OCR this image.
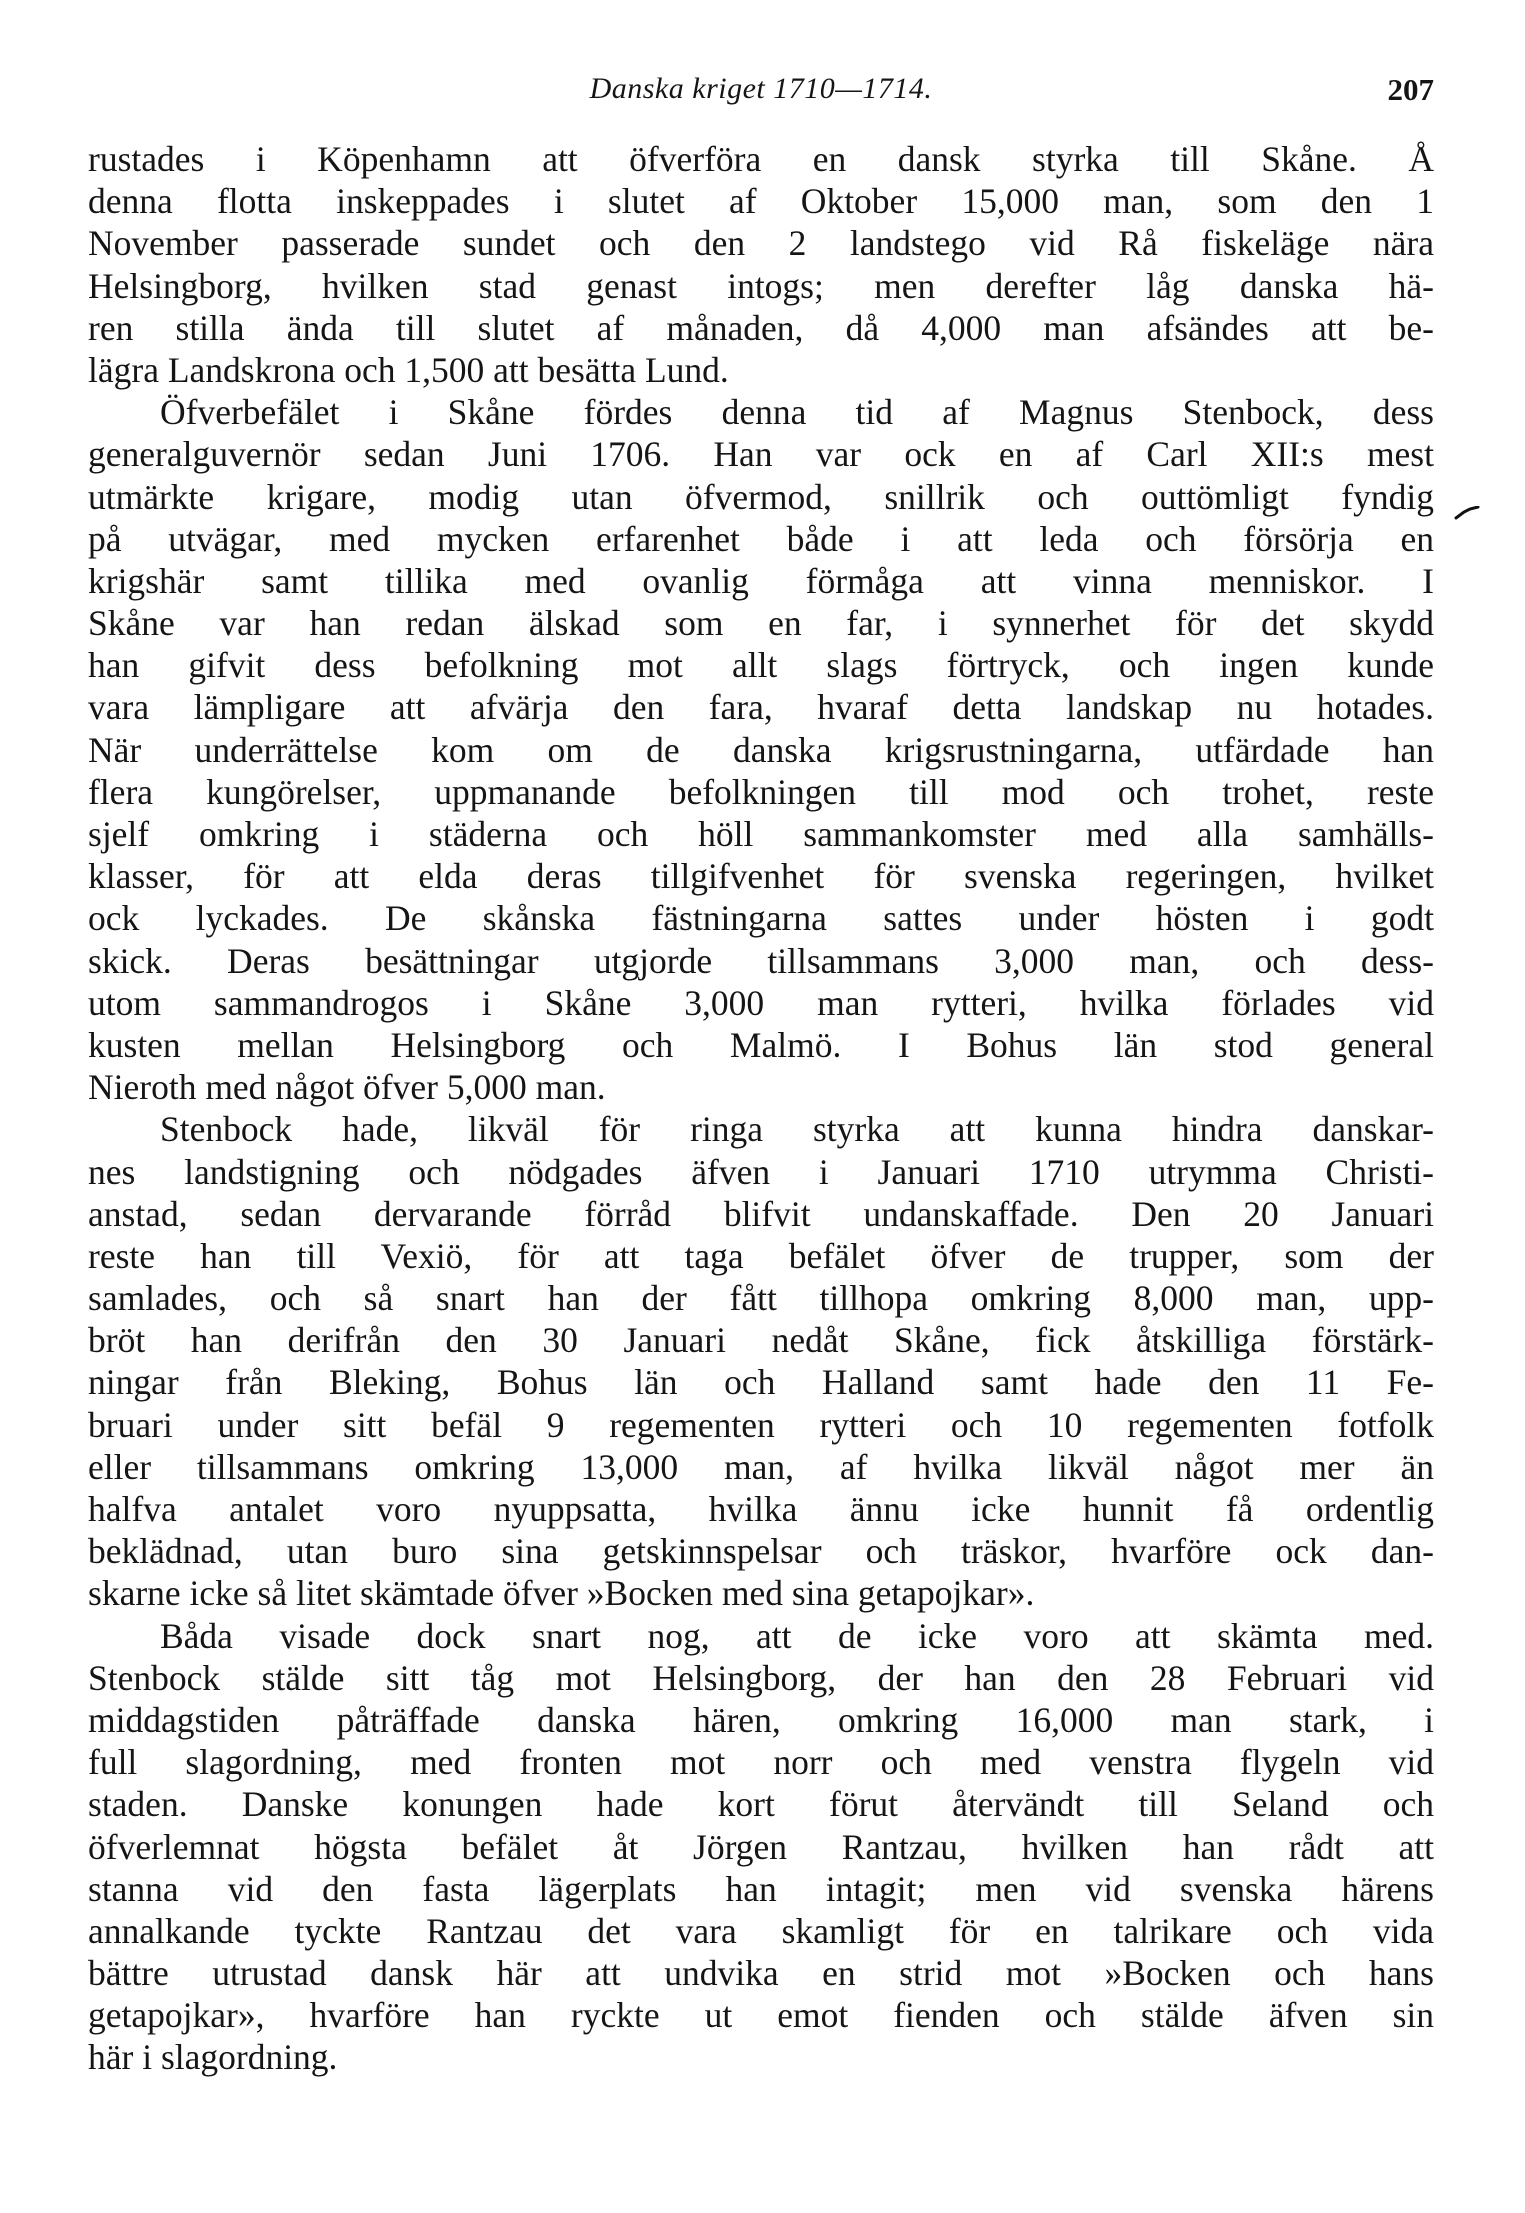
Danska kriget 1710—1714.	207
rustades i Köpenhamn att öfverföra en dansk styrka till Skåne. Å
denna flotta inskeppades i slutet af Oktober 15,000 man, som den 1
November passerade sundet och den 2 landstego vid Rå fiskeläge nära
Helsingborg, hvilken stad genast intogs; men derefter låg danska hä-
ren stilla ända till slutet af månaden, då 4,000 man afsändes att be-
lägra Landskrona och 1,500 att besätta Lund.
Öfverbefälet i Skåne fördes denna tid af Magnus Stenbock, dess
generalguvernör sedan Juni 1706. Han var ock en af Carl XII:s mest
utmärkte krigare, modig utan öfvermod, snillrik och outtömligt fyndig
på utvägar, med mycken erfarenhet både i att leda och försörja en
krigshär samt tillika med ovanlig förmåga att vinna menniskor. I
Skåne var han redan älskad som en far, i synnerhet för det skydd
han gifvit dess befolkning mot allt slags förtryck, och ingen kunde
vara lämpligare att afvärja den fara, hvaraf detta landskap nu hotades.
När underrättelse kom om de danska krigsrustningarna, utfärdade han
flera kungörelser, uppmanande befolkningen till mod och trohet, reste
sjelf omkring i städerna och höll sammankomster med alla samhälls-
klasser, för att elda deras tillgifvenhet för svenska regeringen, hvilket
ock lyckades. De skånska fästningarna sattes under hösten i godt
skick. Deras besättningar utgjorde tillsammans 3,000 man, och dess-
utom sammandrogos i Skåne 3,000 man rytteri, hvilka förlades vid
kusten mellan Helsingborg och Malmö. I Bohus län stod general
Nieroth med något öfver 5,000 man.
Stenbock hade, likväl för ringa styrka att kunna hindra danskar-
nes landstigning och nödgades äfven i Januari 1710 utrymma Christi-
anstad, sedan dervarande förråd blifvit undanskaffade. Den 20 Januari
reste han till Vexiö, för att taga befälet öfver de trupper, som der
samlades, och så snart han der fått tillhopa omkring 8,000 man, upp-
bröt han derifrån den 30 Januari nedåt Skåne, fick åtskilliga förstärk-
ningar från Bleking, Bohus län och Halland samt hade den 11 Fe-
bruari under sitt befäl 9 regementen rytteri och 10 regementen fotfolk
eller tillsammans omkring 13,000 man, af hvilka likväl något mer än
halfva antalet voro nyuppsatta, hvilka ännu icke hunnit få ordentlig
beklädnad, utan buro sina getskinnspelsar och träskor, hvarföre ock dan-
skarne icke så litet skämtade öfver »Bocken med sina getapojkar».
Båda visade dock snart nog, att de icke voro att skämta med.
Stenbock stälde sitt tåg mot Helsingborg, der han den 28 Februari vid
middagstiden påträffade danska hären, omkring 16,000 man stark, i
full slagordning, med fronten mot norr och med venstra flygeln vid
staden. Danske konungen hade kort förut återvändt till Seland och
öfverlemnat högsta befälet åt Jörgen Rantzau, hvilken han rådt att
stanna vid den fasta lägerplats han intagit; men vid svenska härens
annalkande tyckte Rantzau det vara skamligt för en talrikare och vida
bättre utrustad dansk här att undvika en strid mot »Bocken och hans
getapojkar», hvarföre han ryckte ut emot fienden och stälde äfven sin
här i slagordning.
